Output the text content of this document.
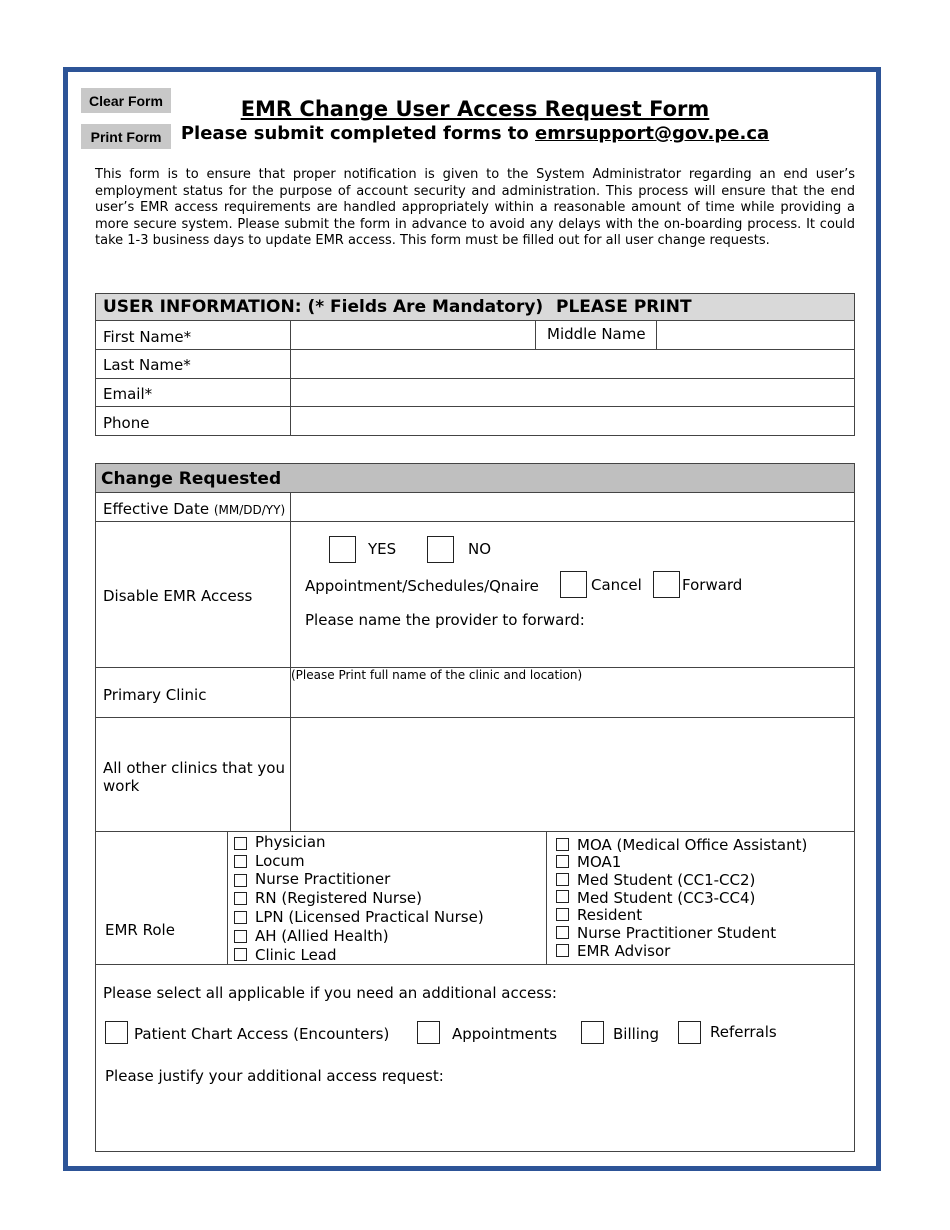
Clear Form
Print Form
EMR Change User Access Request Form
Please submit completed forms to emrsupport@gov.pe.ca
This form is to ensure that proper notification is given to the System Administrator regarding an end user’s employment status for the purpose of account security and administration. This process will ensure that the end user’s EMR access requirements are handled appropriately within a reasonable amount of time while providing a more secure system. Please submit the form in advance to avoid any delays with the on-boarding process. It could take 1-3 business days to update EMR access. This form must be filled out for all user change requests.
USER INFORMATION: (* Fields Are Mandatory) PLEASE PRINT
First Name*	Middle Name
Last Name*
Email*
Phone
Change Requested
Effective Date (MM/DD/YY)
Disable EMR Access
YES	NO
Appointment/Schedules/Qnaire	Cancel	Forward
Please name the provider to forward:
(Please Print full name of the clinic and location)
Primary Clinic
All other clinics that you work
EMR Role
Physician
Locum
Nurse Practitioner
RN (Registered Nurse)
LPN (Licensed Practical Nurse)
AH (Allied Health)
Clinic Lead
MOA (Medical Office Assistant)
MOA1
Med Student (CC1-CC2)
Med Student (CC3-CC4)
Resident
Nurse Practitioner Student
EMR Advisor
Please select all applicable if you need an additional access:
Patient Chart Access (Encounters)	Appointments	Billing	Referrals
Please justify your additional access request:
